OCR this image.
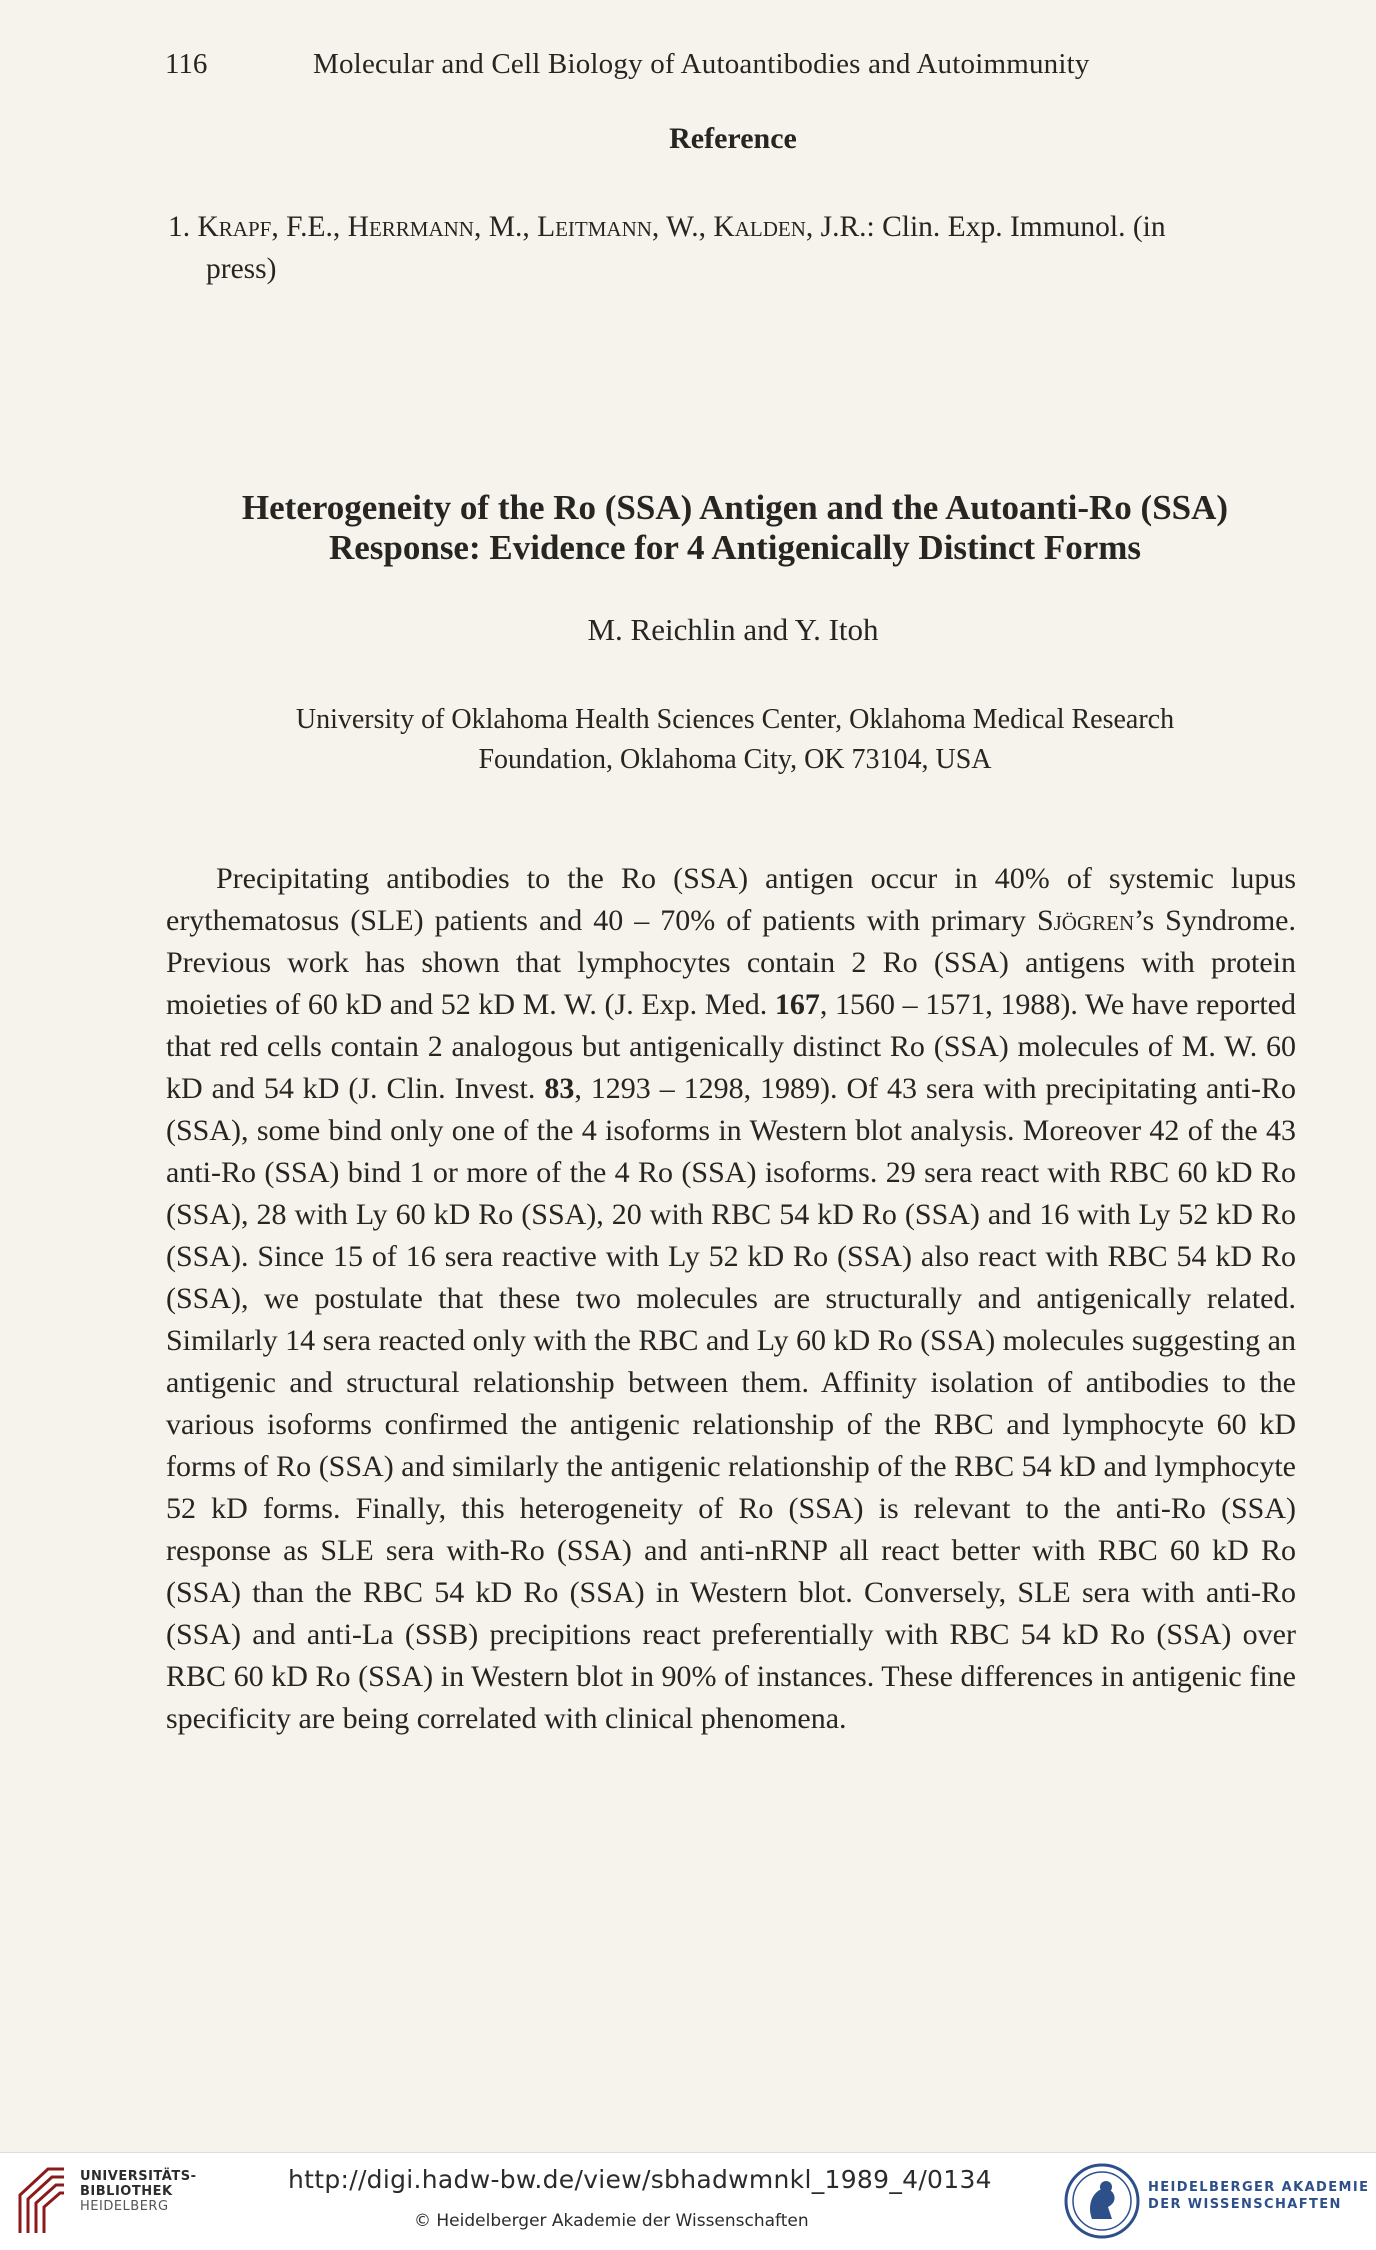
116	Molecular and Cell Biology of Autoantibodies and Autoimmunity
Reference
1. Krapf, F.E., Herrmann, M., Leitmann, W., Kalden, J.R.: Clin. Exp. Immunol. (in
press)
Heterogeneity of the Ro (SSA) Antigen and the Autoanti-Ro (SSA)
Response: Evidence for 4 Antigenically Distinct Forms
M. Reichlin and Y. Itoh
University of Oklahoma Health Sciences Center, Oklahoma Medical Research
Foundation, Oklahoma City, OK 73104, USA
Precipitating antibodies to the Ro (SSA) antigen occur in 40% of systemic lupus erythematosus (SLE) patients and 40 – 70% of patients with primary Sjögren’s Syndrome. Previous work has shown that lymphocytes contain 2 Ro (SSA) antigens with protein moieties of 60 kD and 52 kD M. W. (J. Exp. Med. 167, 1560 – 1571, 1988). We have reported that red cells contain 2 analogous but antigenically distinct Ro (SSA) molecules of M. W. 60 kD and 54 kD (J. Clin. Invest. 83, 1293 – 1298, 1989). Of 43 sera with precipitating anti-Ro (SSA), some bind only one of the 4 isoforms in Western blot analysis. Moreover 42 of the 43 anti-Ro (SSA) bind 1 or more of the 4 Ro (SSA) isoforms. 29 sera react with RBC 60 kD Ro (SSA), 28 with Ly 60 kD Ro (SSA), 20 with RBC 54 kD Ro (SSA) and 16 with Ly 52 kD Ro (SSA). Since 15 of 16 sera reactive with Ly 52 kD Ro (SSA) also react with RBC 54 kD Ro (SSA), we postulate that these two molecules are structurally and antigenically related. Similarly 14 sera reacted only with the RBC and Ly 60 kD Ro (SSA) molecules suggesting an antigenic and structural relationship between them. Affinity isolation of antibodies to the various isoforms confirmed the antigenic relationship of the RBC and lymphocyte 60 kD forms of Ro (SSA) and similarly the antigenic relationship of the RBC 54 kD and lymphocyte 52 kD forms. Finally, this heterogeneity of Ro (SSA) is relevant to the anti-Ro (SSA) response as SLE sera with-Ro (SSA) and anti-nRNP all react better with RBC 60 kD Ro (SSA) than the RBC 54 kD Ro (SSA) in Western blot. Conversely, SLE sera with anti-Ro (SSA) and anti-La (SSB) precipitions react preferentially with RBC 54 kD Ro (SSA) over RBC 60 kD Ro (SSA) in Western blot in 90% of instances. These differences in antigenic fine specificity are being correlated with clinical phenomena.
UNIVERSITÄTS-
BIBLIOTHEK
HEIDELBERG
http://digi.hadw-bw.de/view/sbhadwmnkl_1989_4/0134
© Heidelberger Akademie der Wissenschaften
HEIDELBERGER AKADEMIE
DER WISSENSCHAFTEN
